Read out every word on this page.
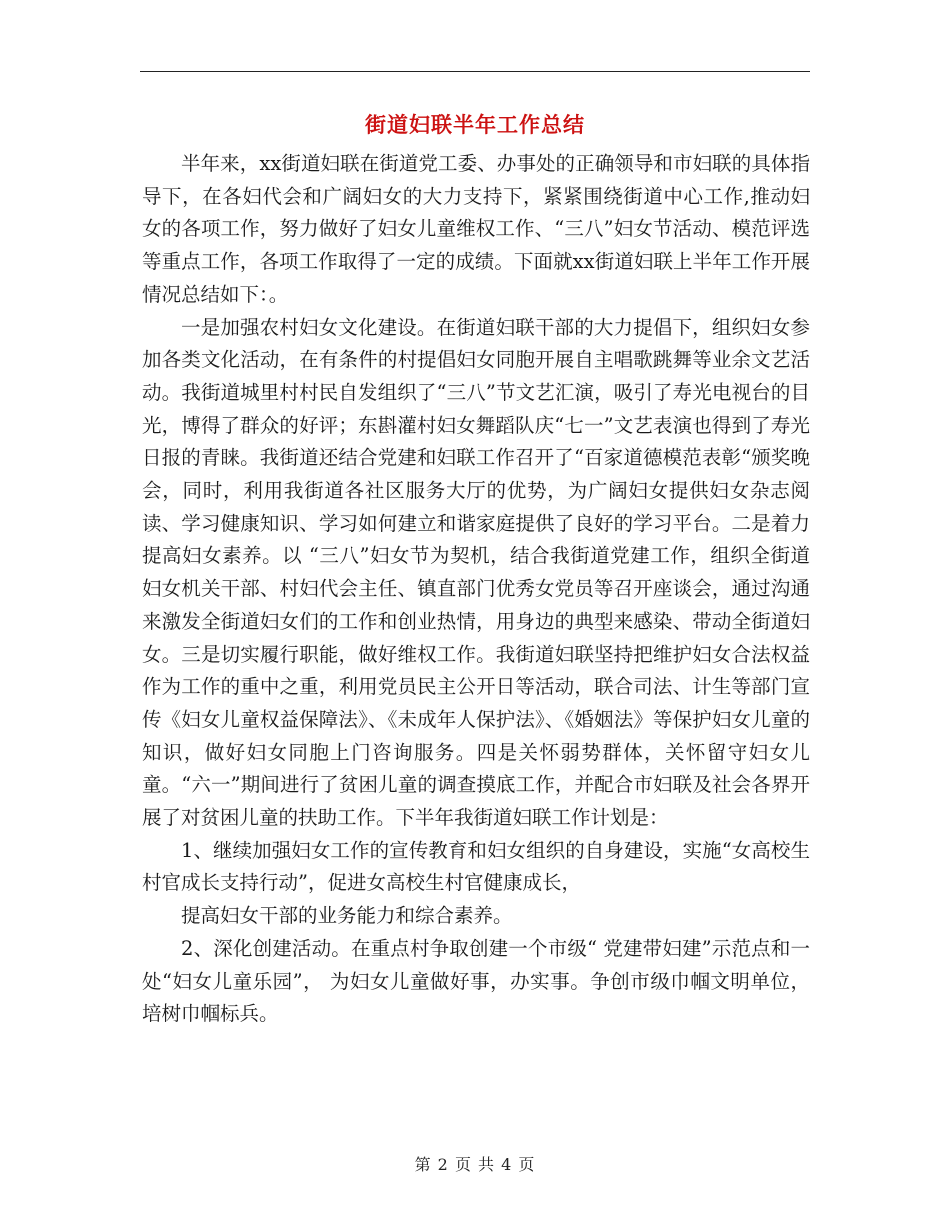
街道妇联半年工作总结

半年来，xx街道妇联在街道党工委、办事处的正确领导和市妇联的具体指导下，在各妇代会和广阔妇女的大力支持下，紧紧围绕街道中心工作,推动妇女的各项工作，努力做好了妇女儿童维权工作、“三八”妇女节活动、模范评选等重点工作，各项工作取得了一定的成绩。下面就xx街道妇联上半年工作开展情况总结如下：。

一是加强农村妇女文化建设。在街道妇联干部的大力提倡下，组织妇女参加各类文化活动，在有条件的村提倡妇女同胞开展自主唱歌跳舞等业余文艺活动。我街道城里村村民自发组织了“三八”节文艺汇演，吸引了寿光电视台的目光，博得了群众的好评；东斟灌村妇女舞蹈队庆“七一”文艺表演也得到了寿光日报的青睐。我街道还结合党建和妇联工作召开了“百家道德模范表彰“颁奖晚会，同时，利用我街道各社区服务大厅的优势，为广阔妇女提供妇女杂志阅读、学习健康知识、学习如何建立和谐家庭提供了良好的学习平台。二是着力提高妇女素养。以 “三八”妇女节为契机，结合我街道党建工作，组织全街道妇女机关干部、村妇代会主任、镇直部门优秀女党员等召开座谈会，通过沟通来激发全街道妇女们的工作和创业热情，用身边的典型来感染、带动全街道妇女。三是切实履行职能，做好维权工作。我街道妇联坚持把维护妇女合法权益作为工作的重中之重，利用党员民主公开日等活动，联合司法、计生等部门宣传《妇女儿童权益保障法》、《未成年人保护法》、《婚姻法》等保护妇女儿童的知识，做好妇女同胞上门咨询服务。四是关怀弱势群体，关怀留守妇女儿童。“六一”期间进行了贫困儿童的调查摸底工作，并配合市妇联及社会各界开展了对贫困儿童的扶助工作。下半年我街道妇联工作计划是：

1、继续加强妇女工作的宣传教育和妇女组织的自身建设，实施“女高校生村官成长支持行动”，促进女高校生村官健康成长，

提高妇女干部的业务能力和综合素养。

2、深化创建活动。在重点村争取创建一个市级“ 党建带妇建”示范点和一处“妇女儿童乐园”， 为妇女儿童做好事，办实事。争创市级巾帼文明单位，培树巾帼标兵。

第 2 页 共 4 页
